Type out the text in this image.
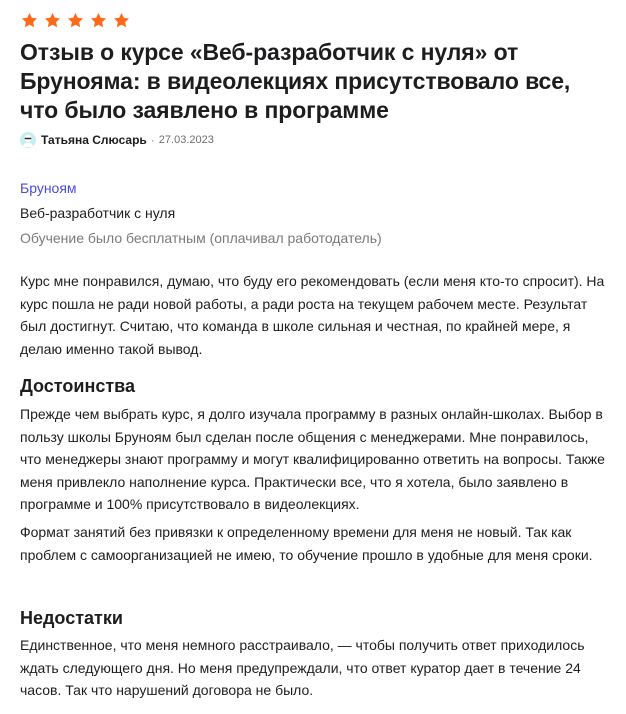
Отзыв о курсе «Веб-разработчик с нуля» от Брунояма: в видеолекциях присутствовало все, что было заявлено в программе
Татьяна Слюсарь · 27.03.2023
Бруноям
Веб-разработчик с нуля
Обучение было бесплатным (оплачивал работодатель)

Курс мне понравился, думаю, что буду его рекомендовать (если меня кто-то спросит). На курс пошла не ради новой работы, а ради роста на текущем рабочем месте. Результат был достигнут. Считаю, что команда в школе сильная и честная, по крайней мере, я делаю именно такой вывод.

Достоинства

Прежде чем выбрать курс, я долго изучала программу в разных онлайн-школах. Выбор в пользу школы Бруноям был сделан после общения с менеджерами. Мне понравилось, что менеджеры знают программу и могут квалифицированно ответить на вопросы. Также меня привлекло наполнение курса. Практически все, что я хотела, было заявлено в программе и 100% присутствовало в видеолекциях.

Формат занятий без привязки к определенному времени для меня не новый. Так как проблем с самоорганизацией не имею, то обучение прошло в удобные для меня сроки.

Недостатки

Единственное, что меня немного расстраивало, — чтобы получить ответ приходилось ждать следующего дня. Но меня предупреждали, что ответ куратор дает в течение 24 часов. Так что нарушений договора не было.
